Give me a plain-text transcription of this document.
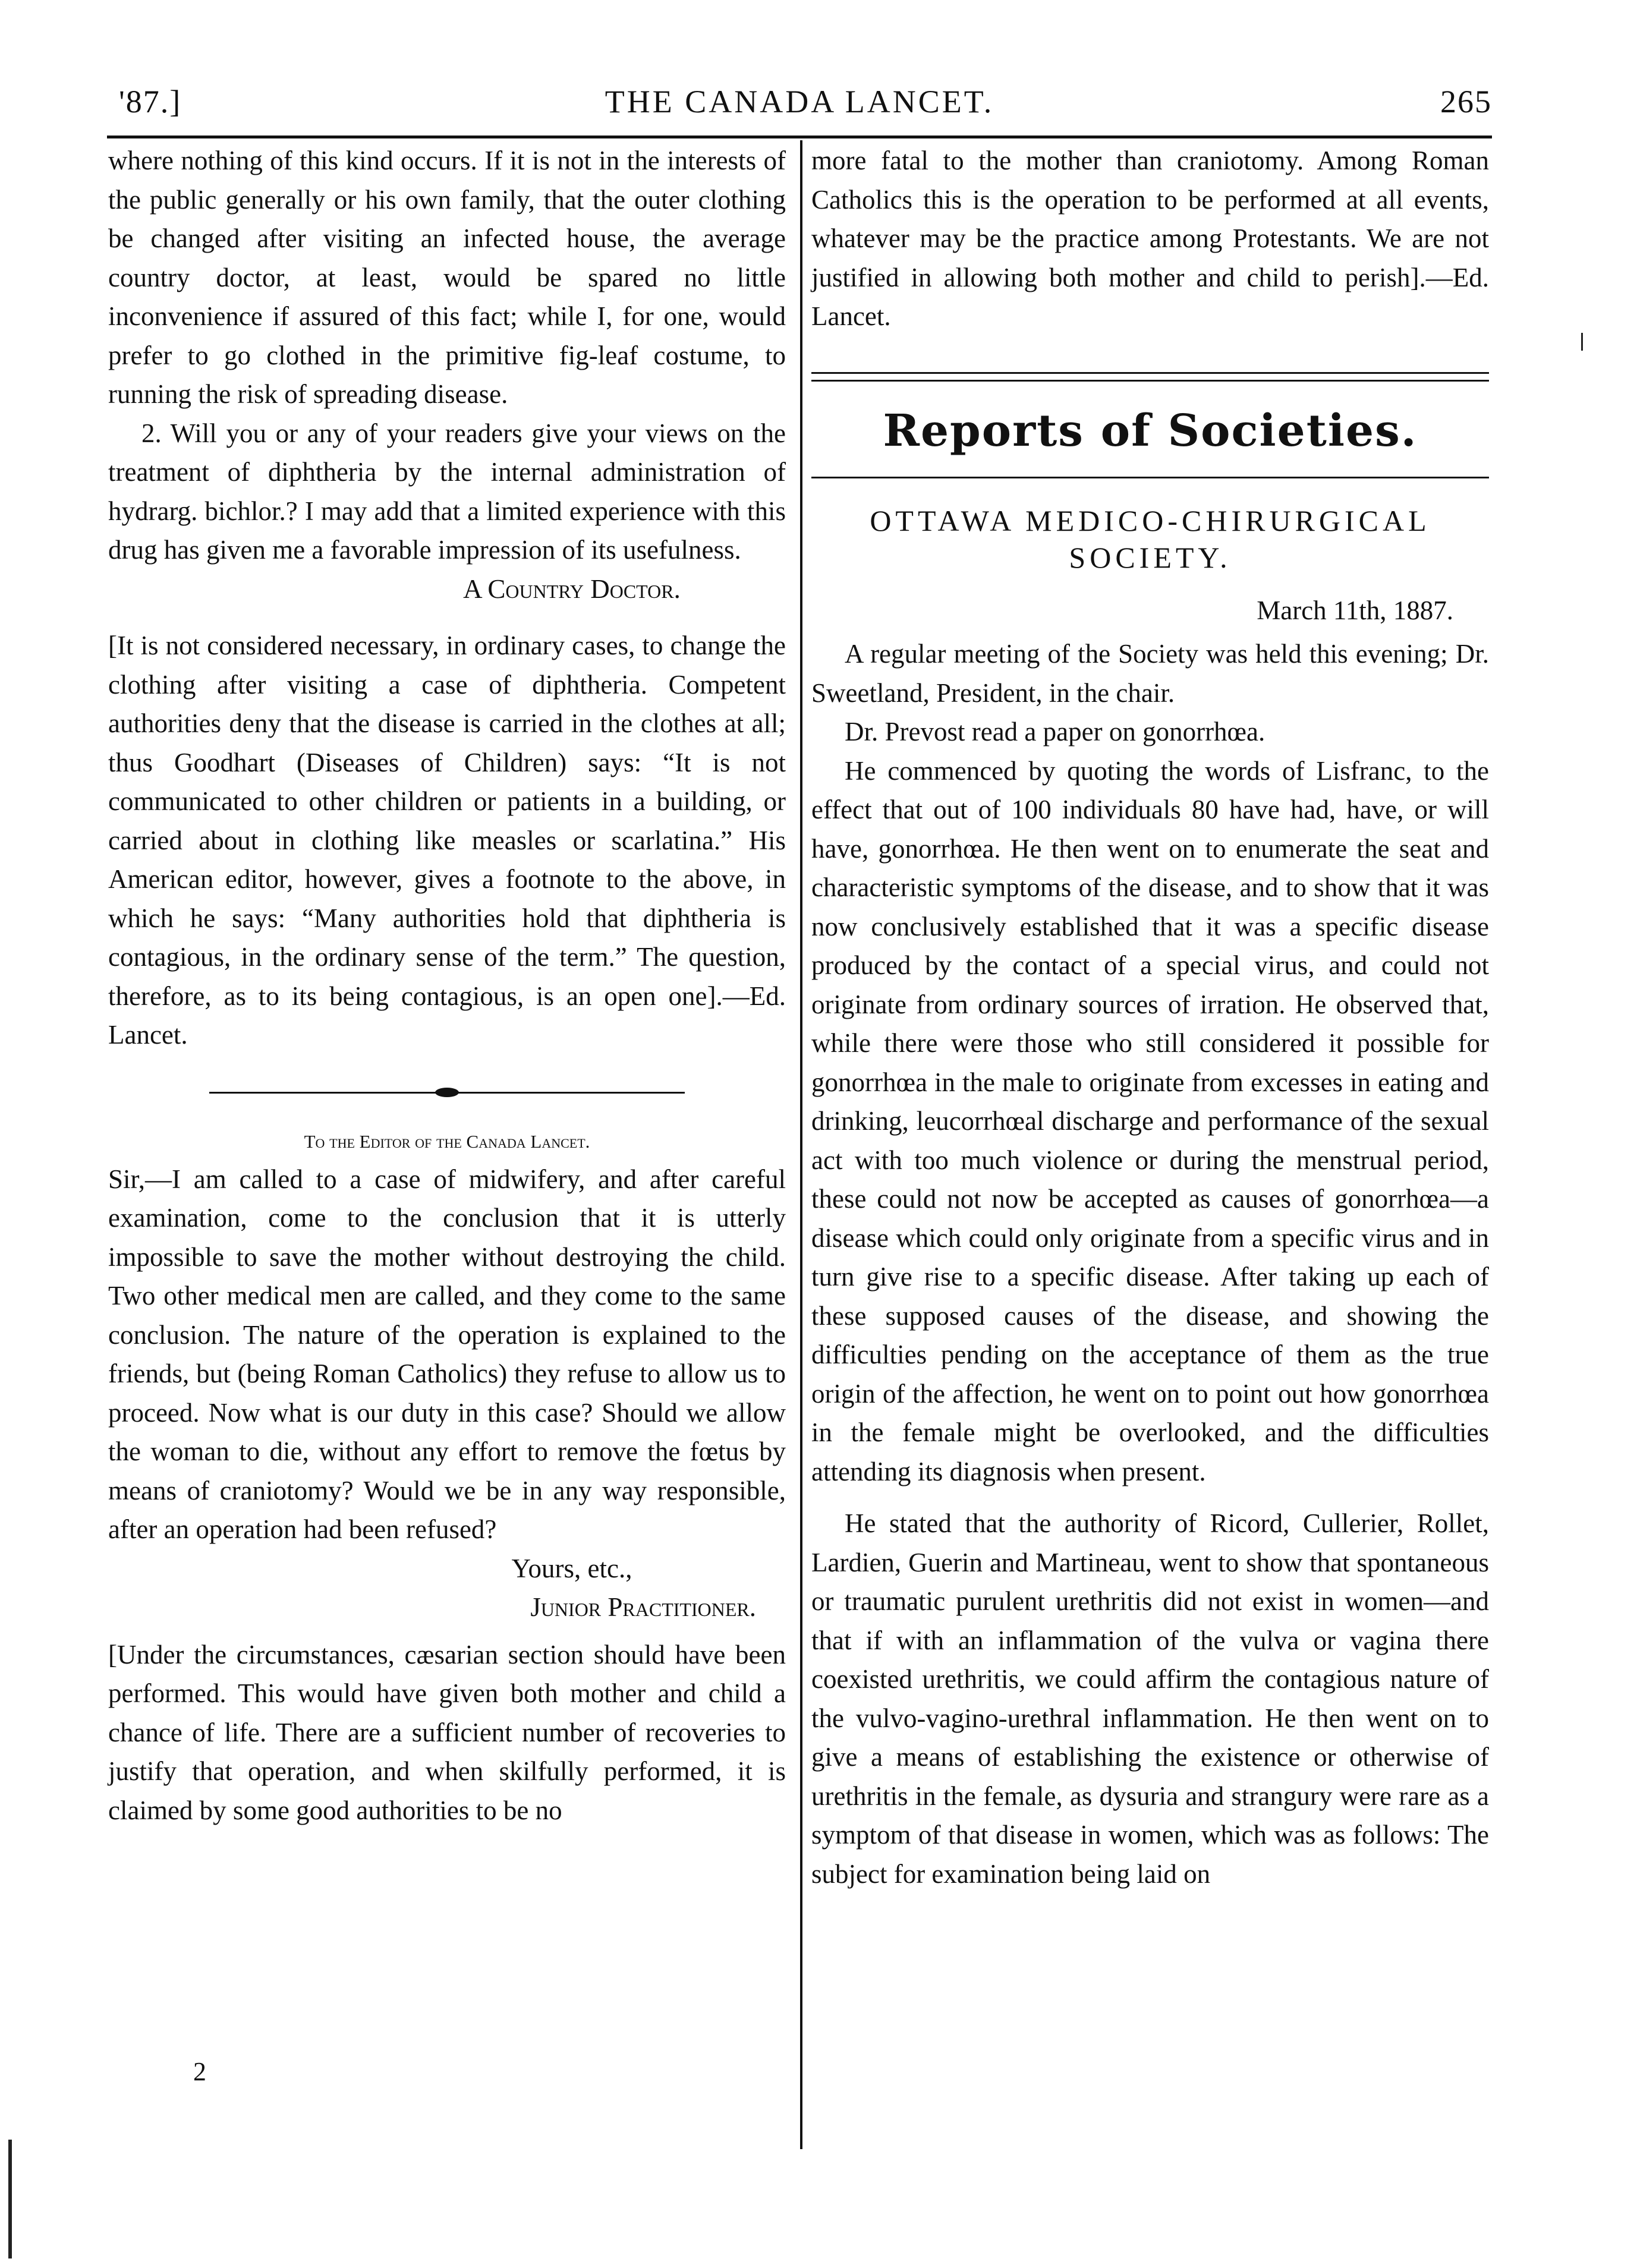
'87.]	THE CANADA LANCET.	265

where nothing of this kind occurs. If it is not in the interests of the public generally or his own family, that the outer clothing be changed after visiting an infected house, the average country doctor, at least, would be spared no little inconvenience if assured of this fact; while I, for one, would prefer to go clothed in the primitive fig-leaf costume, to running the risk of spreading disease.

2. Will you or any of your readers give your views on the treatment of diphtheria by the internal administration of hydrarg. bichlor.? I may add that a limited experience with this drug has given me a favorable impression of its usefulness.

A Country Doctor.

[It is not considered necessary, in ordinary cases, to change the clothing after visiting a case of diphtheria. Competent authorities deny that the disease is carried in the clothes at all; thus Goodhart (Diseases of Children) says: “It is not communicated to other children or patients in a building, or carried about in clothing like measles or scarlatina.” His American editor, however, gives a footnote to the above, in which he says: “Many authorities hold that diphtheria is contagious, in the ordinary sense of the term.” The question, therefore, as to its being contagious, is an open one].—Ed. Lancet.

To the Editor of the Canada Lancet.

Sir,—I am called to a case of midwifery, and after careful examination, come to the conclusion that it is utterly impossible to save the mother without destroying the child. Two other medical men are called, and they come to the same conclusion. The nature of the operation is explained to the friends, but (being Roman Catholics) they refuse to allow us to proceed. Now what is our duty in this case? Should we allow the woman to die, without any effort to remove the fœtus by means of craniotomy? Would we be in any way responsible, after an operation had been refused?

Yours, etc.,

Junior Practitioner.

[Under the circumstances, cæsarian section should have been performed. This would have given both mother and child a chance of life. There are a sufficient number of recoveries to justify that operation, and when skilfully performed, it is claimed by some good authorities to be no

2

more fatal to the mother than craniotomy. Among Roman Catholics this is the operation to be performed at all events, whatever may be the practice among Protestants. We are not justified in allowing both mother and child to perish].—Ed. Lancet.

Reports of Societies.

OTTAWA MEDICO-CHIRURGICAL SOCIETY.

March 11th, 1887.

A regular meeting of the Society was held this evening; Dr. Sweetland, President, in the chair.

Dr. Prevost read a paper on gonorrhœa.

He commenced by quoting the words of Lisfranc, to the effect that out of 100 individuals 80 have had, have, or will have, gonorrhœa. He then went on to enumerate the seat and characteristic symptoms of the disease, and to show that it was now conclusively established that it was a specific disease produced by the contact of a special virus, and could not originate from ordinary sources of irration. He observed that, while there were those who still considered it possible for gonorrhœa in the male to originate from excesses in eating and drinking, leucorrhœal discharge and performance of the sexual act with too much violence or during the menstrual period, these could not now be accepted as causes of gonorrhœa—a disease which could only originate from a specific virus and in turn give rise to a specific disease. After taking up each of these supposed causes of the disease, and showing the difficulties pending on the acceptance of them as the true origin of the affection, he went on to point out how gonorrhœa in the female might be overlooked, and the difficulties attending its diagnosis when present.

He stated that the authority of Ricord, Cullerier, Rollet, Lardien, Guerin and Martineau, went to show that spontaneous or traumatic purulent urethritis did not exist in women—and that if with an inflammation of the vulva or vagina there coexisted urethritis, we could affirm the contagious nature of the vulvo-vagino-urethral inflammation. He then went on to give a means of establishing the existence or otherwise of urethritis in the female, as dysuria and strangury were rare as a symptom of that disease in women, which was as follows: The subject for examination being laid on
